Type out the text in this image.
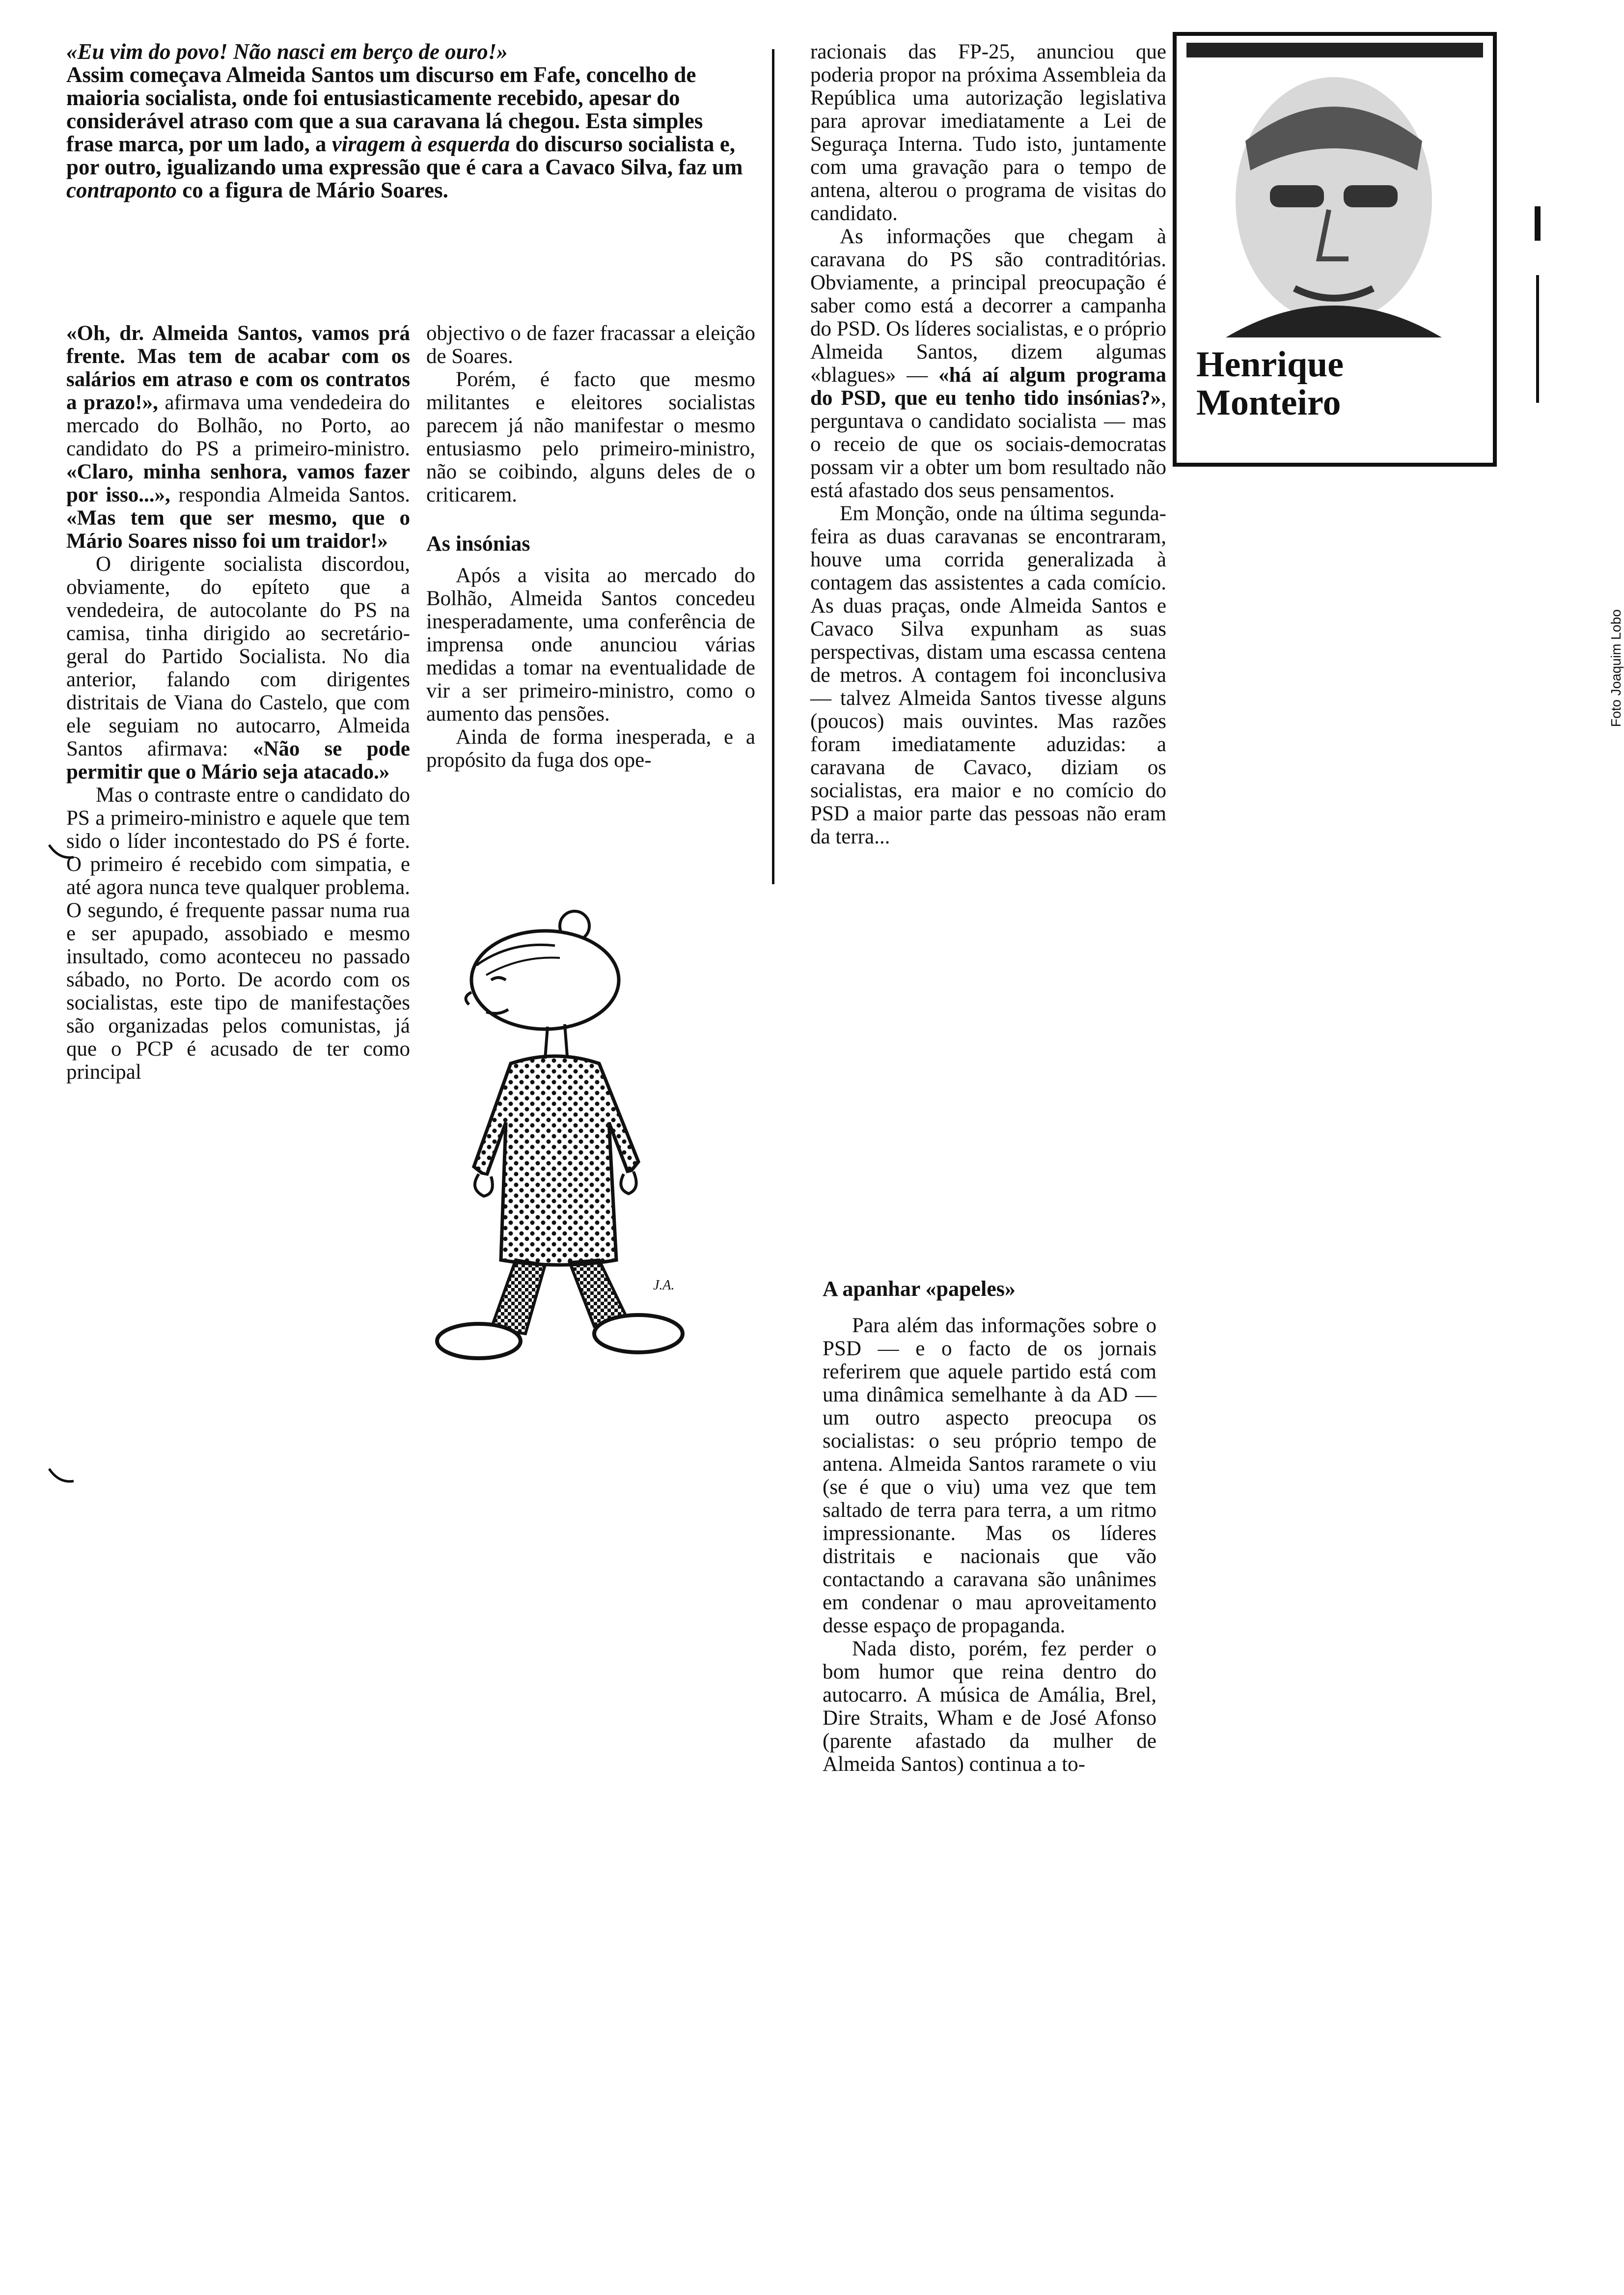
«Eu vim do povo! Não nasci em berço de ouro!»

Assim começava Almeida Santos um discurso em Fafe, concelho de maioria socialista, onde foi entusiasticamente recebido, apesar do considerável atraso com que a sua caravana lá chegou. Esta simples frase marca, por um lado, a viragem à esquerda do discurso socialista e, por outro, igualizando uma expressão que é cara a Cavaco Silva, faz um contraponto co a figura de Mário Soares.

«Oh, dr. Almeida Santos, vamos prá frente. Mas tem de acabar com os salários em atraso e com os contratos a prazo!», afirmava uma vendedeira do mercado do Bolhão, no Porto, ao candidato do PS a primeiro-ministro. «Claro, minha senhora, vamos fazer por isso...», respondia Almeida Santos. «Mas tem que ser mesmo, que o Mário Soares nisso foi um traidor!»

O dirigente socialista discordou, obviamente, do epíteto que a vendedeira, de autocolante do PS na camisa, tinha dirigido ao secretário-geral do Partido Socialista. No dia anterior, falando com dirigentes distritais de Viana do Castelo, que com ele seguiam no autocarro, Almeida Santos afirmava: «Não se pode permitir que o Mário seja atacado.»

Mas o contraste entre o candidato do PS a primeiro-ministro e aquele que tem sido o líder incontestado do PS é forte. O primeiro é recebido com simpatia, e até agora nunca teve qualquer problema. O segundo, é frequente passar numa rua e ser apupado, assobiado e mesmo insultado, como aconteceu no passado sábado, no Porto. De acordo com os socialistas, este tipo de manifestações são organizadas pelos comunistas, já que o PCP é acusado de ter como principal

objectivo o de fazer fracassar a eleição de Soares.

Porém, é facto que mesmo militantes e eleitores socialistas parecem já não manifestar o mesmo entusiasmo pelo primeiro-ministro, não se coibindo, alguns deles de o criticarem.

As insónias

Após a visita ao mercado do Bolhão, Almeida Santos concedeu inesperadamente, uma conferência de imprensa onde anunciou várias medidas a tomar na eventualidade de vir a ser primeiro-ministro, como o aumento das pensões.

Ainda de forma inesperada, e a propósito da fuga dos ope-

J.A.

racionais das FP-25, anunciou que poderia propor na próxima Assembleia da República uma autorização legislativa para aprovar imediatamente a Lei de Seguraça Interna. Tudo isto, juntamente com uma gravação para o tempo de antena, alterou o programa de visitas do candidato.

As informações que chegam à caravana do PS são contraditórias. Obviamente, a principal preocupação é saber como está a decorrer a campanha do PSD. Os líderes socialistas, e o próprio Almeida Santos, dizem algumas «blagues» — «há aí algum programa do PSD, que eu tenho tido insónias?», perguntava o candidato socialista — mas o receio de que os sociais-democratas possam vir a obter um bom resultado não está afastado dos seus pensamentos.

Em Monção, onde na última segunda-feira as duas caravanas se encontraram, houve uma corrida generalizada à contagem das assistentes a cada comício. As duas praças, onde Almeida Santos e Cavaco Silva expunham as suas perspectivas, distam uma escassa centena de metros. A contagem foi inconclusiva — talvez Almeida Santos tivesse alguns (poucos) mais ouvintes. Mas razões foram imediatamente aduzidas: a caravana de Cavaco, diziam os socialistas, era maior e no comício do PSD a maior parte das pessoas não eram da terra...

A apanhar «papeles»

Para além das informações sobre o PSD — e o facto de os jornais referirem que aquele partido está com uma dinâmica semelhante à da AD — um outro aspecto preocupa os socialistas: o seu próprio tempo de antena. Almeida Santos raramete o viu (se é que o viu) uma vez que tem saltado de terra para terra, a um ritmo impressionante. Mas os líderes distritais e nacionais que vão contactando a caravana são unânimes em condenar o mau aproveitamento desse espaço de propaganda.

Nada disto, porém, fez perder o bom humor que reina dentro do autocarro. A música de Amália, Brel, Dire Straits, Wham e de José Afonso (parente afastado da mulher de Almeida Santos) continua a to-

Henrique
Monteiro
Foto Joaquim Lobo
